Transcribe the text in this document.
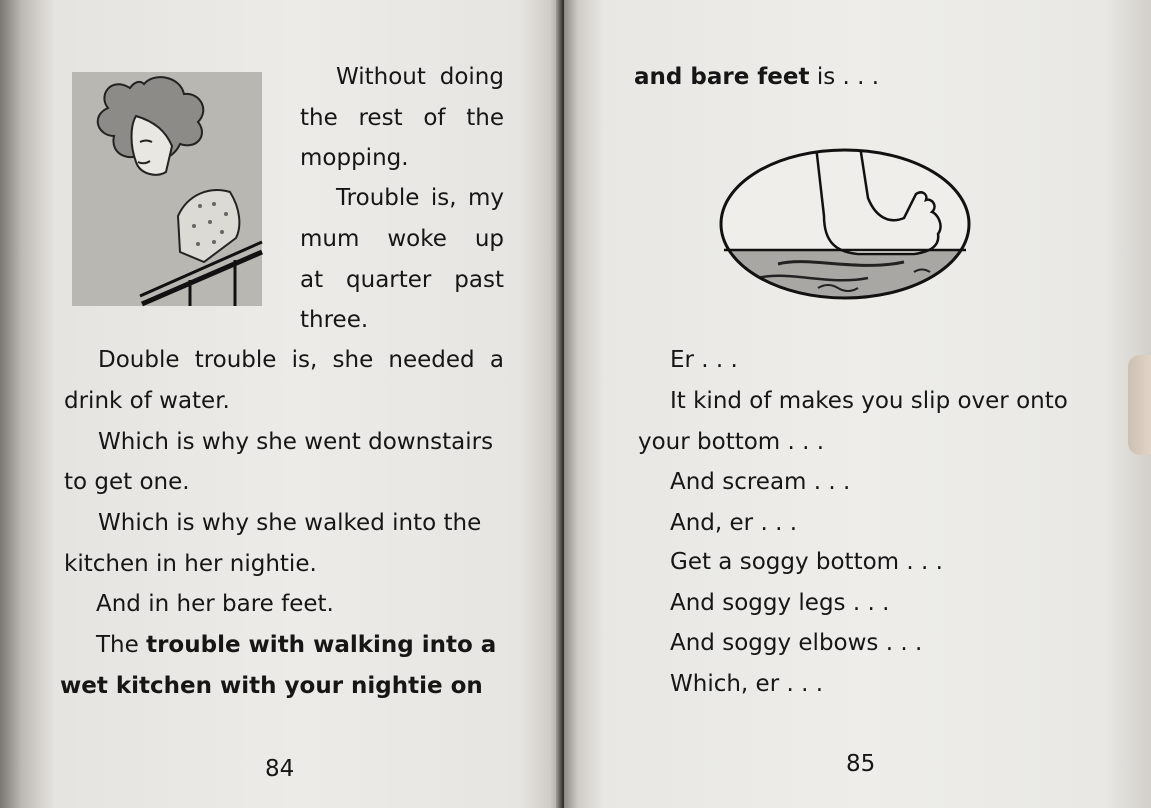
Without doing
the rest of the
mopping.
Trouble is, my
mum woke up
at quarter past
three.
Double trouble is, she needed a
drink of water.
Which is why she went downstairs
to get one.
Which is why she walked into the
kitchen in her nightie.
And in her bare feet.
The trouble with walking into a
wet kitchen with your nightie on
84
and bare feet is . . .
Er . . .
It kind of makes you slip over onto
your bottom . . .
And scream . . .
And, er . . .
Get a soggy bottom . . .
And soggy legs . . .
And soggy elbows . . .
Which, er . . .
85
